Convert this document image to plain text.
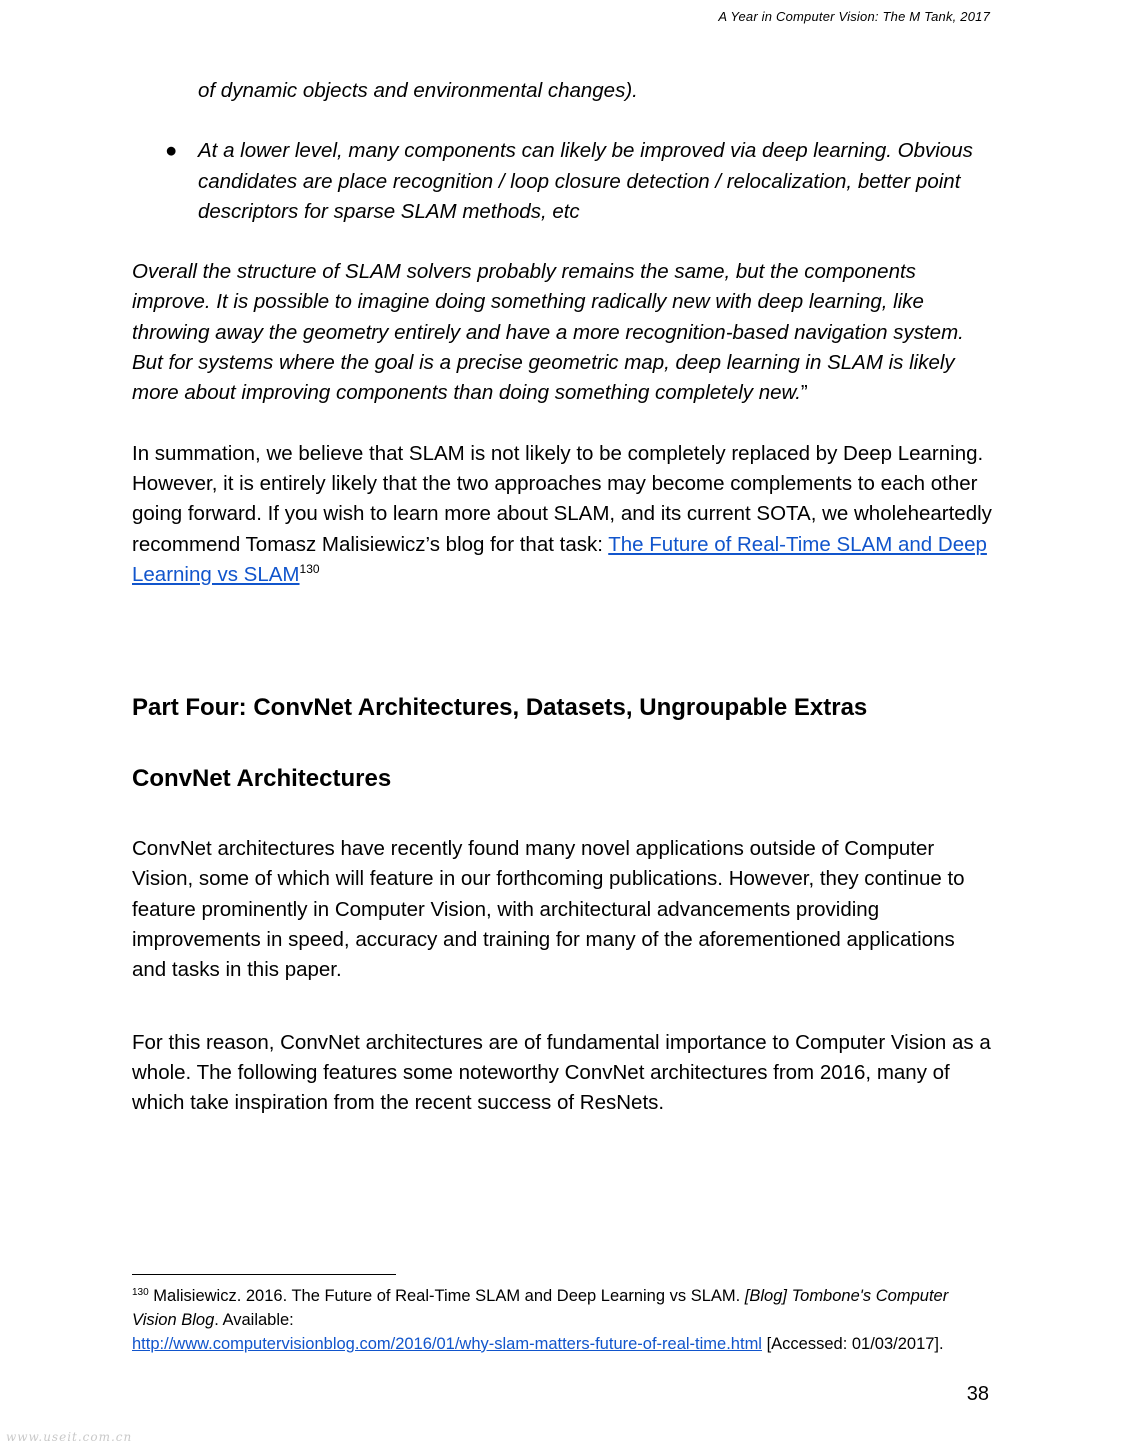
A Year in Computer Vision: The M Tank, 2017

of dynamic objects and environmental changes).

● At a lower level, many components can likely be improved via deep learning. Obvious candidates are place recognition / loop closure detection / relocalization, better point descriptors for sparse SLAM methods, etc

Overall the structure of SLAM solvers probably remains the same, but the components improve. It is possible to imagine doing something radically new with deep learning, like throwing away the geometry entirely and have a more recognition-based navigation system. But for systems where the goal is a precise geometric map, deep learning in SLAM is likely more about improving components than doing something completely new.”

In summation, we believe that SLAM is not likely to be completely replaced by Deep Learning. However, it is entirely likely that the two approaches may become complements to each other going forward. If you wish to learn more about SLAM, and its current SOTA, we wholeheartedly recommend Tomasz Malisiewicz’s blog for that task: The Future of Real-Time SLAM and Deep Learning vs SLAM$^{130}$

Part Four: ConvNet Architectures, Datasets, Ungroupable Extras
ConvNet Architectures

ConvNet architectures have recently found many novel applications outside of Computer Vision, some of which will feature in our forthcoming publications. However, they continue to feature prominently in Computer Vision, with architectural advancements providing improvements in speed, accuracy and training for many of the aforementioned applications and tasks in this paper.

For this reason, ConvNet architectures are of fundamental importance to Computer Vision as a whole. The following features some noteworthy ConvNet architectures from 2016, many of which take inspiration from the recent success of ResNets.

$^{130}$ Malisiewicz. 2016. The Future of Real-Time SLAM and Deep Learning vs SLAM. [Blog] Tombone's Computer Vision Blog. Available:
http://www.computervisionblog.com/2016/01/why-slam-matters-future-of-real-time.html [Accessed: 01/03/2017].
38
www.useit.com.cn
